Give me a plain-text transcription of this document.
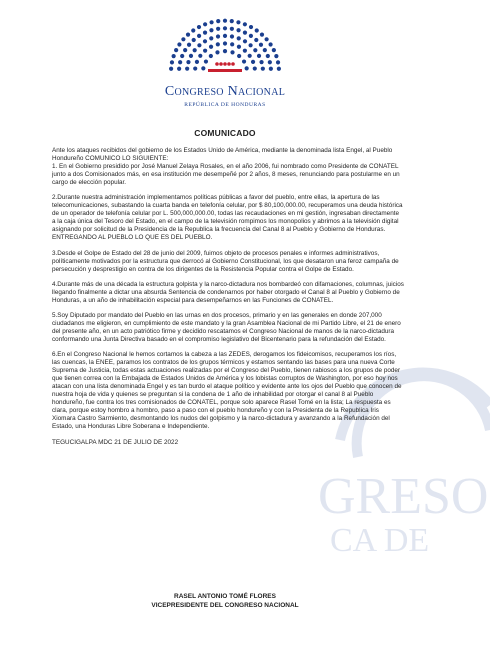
GRESO
CA DE
Congreso Nacional
REPÚBLICA DE HONDURAS
COMUNICADO

Ante los ataques recibidos del gobierno de los Estados Unido de América, mediante la denominada lista Engel, al Pueblo Hondureño COMUNICO LO SIGUIENTE:
1. En el Gobierno presidido por José Manuel Zelaya Rosales, en el año 2006, fui nombrado como Presidente de CONATEL junto a dos Comisionados más, en esa institución me desempeñé por 2 años, 8 meses, renunciando para postularme en un cargo de elección popular.

2.Durante nuestra administración implementamos políticas públicas a favor del pueblo, entre ellas, la apertura de las telecomunicaciones, subastando la cuarta banda en telefonía celular, por $ 80,100,000.00, recuperamos una deuda histórica de un operador de telefonía celular por L. 500,000,000.00, todas las recaudaciones en mi gestión, ingresaban directamente a la caja única del Tesoro del Estado, en el campo de la televisión rompimos los monopolios y abrimos a la televisión digital asignando por solicitud de la Presidencia de la Republica la frecuencia del Canal 8 al Pueblo y Gobierno de Honduras. ENTREGANDO AL PUEBLO LO QUE ES DEL PUEBLO.

3.Desde el Golpe de Estado del 28 de junio del 2009, fuimos objeto de procesos penales e informes administrativos, políticamente motivados por la estructura que derrocó al Gobierno Constitucional, los que desataron una feroz campaña de persecución y desprestigio en contra de los dirigentes de la Resistencia Popular contra el Golpe de Estado.

4.Durante más de una década la estructura golpista y la narco-dictadura nos bombardeó con difamaciones, columnas, juicios llegando finalmente a dictar una absurda Sentencia de condenarnos por haber otorgado el Canal 8 al Pueblo y Gobierno de Honduras, a un año de inhabilitación especial para desempeñarnos en las Funciones de CONATEL.

5.Soy Diputado por mandato del Pueblo en las urnas en dos procesos, primario y en las generales en donde 207,000 ciudadanos me eligieron, en cumplimiento de este mandato y la gran Asamblea Nacional de mi Partido Libre, el 21 de enero del presente año, en un acto patriótico firme y decidido rescatamos el Congreso Nacional de manos de la narco-dictadura conformando una Junta Directiva basado en el compromiso legislativo del Bicentenario para la refundación del Estado.

6.En el Congreso Nacional le hemos cortamos la cabeza a las ZEDES, derogamos los fideicomisos, recuperamos los ríos, las cuencas, la ENEE, paramos los contratos de los grupos térmicos y estamos sentando las bases para una nueva Corte Suprema de Justicia, todas estas actuaciones realizadas por el Congreso del Pueblo, tienen rabiosos a los grupos de poder que tienen correa con la Embajada de Estados Unidos de América y los lobistas corruptos de Washington, por eso hoy nos atacan con una lista denominada Engel y es tan burdo el ataque político y evidente ante los ojos del Pueblo que conocen de nuestra hoja de vida y quienes se preguntan si la condena de 1 año de inhabilidad por otorgar el canal 8 al Pueblo hondureño, fue contra los tres comisionados de CONATEL, porque solo aparece Rasel Tomé en la lista; La respuesta es clara, porque estoy hombro a hombro, paso a paso con el pueblo hondureño y con la Presidenta de la Republica Iris Xiomara Castro Sarmiento, desmontando los nudos del golpismo y la narco-dictadura y avanzando a la Refundación del Estado, una Honduras Libre Soberana e Independiente.

TEGUCIGALPA MDC 21 DE JULIO DE 2022

RASEL ANTONIO TOMÉ FLORES
VICEPRESIDENTE DEL CONGRESO NACIONAL
